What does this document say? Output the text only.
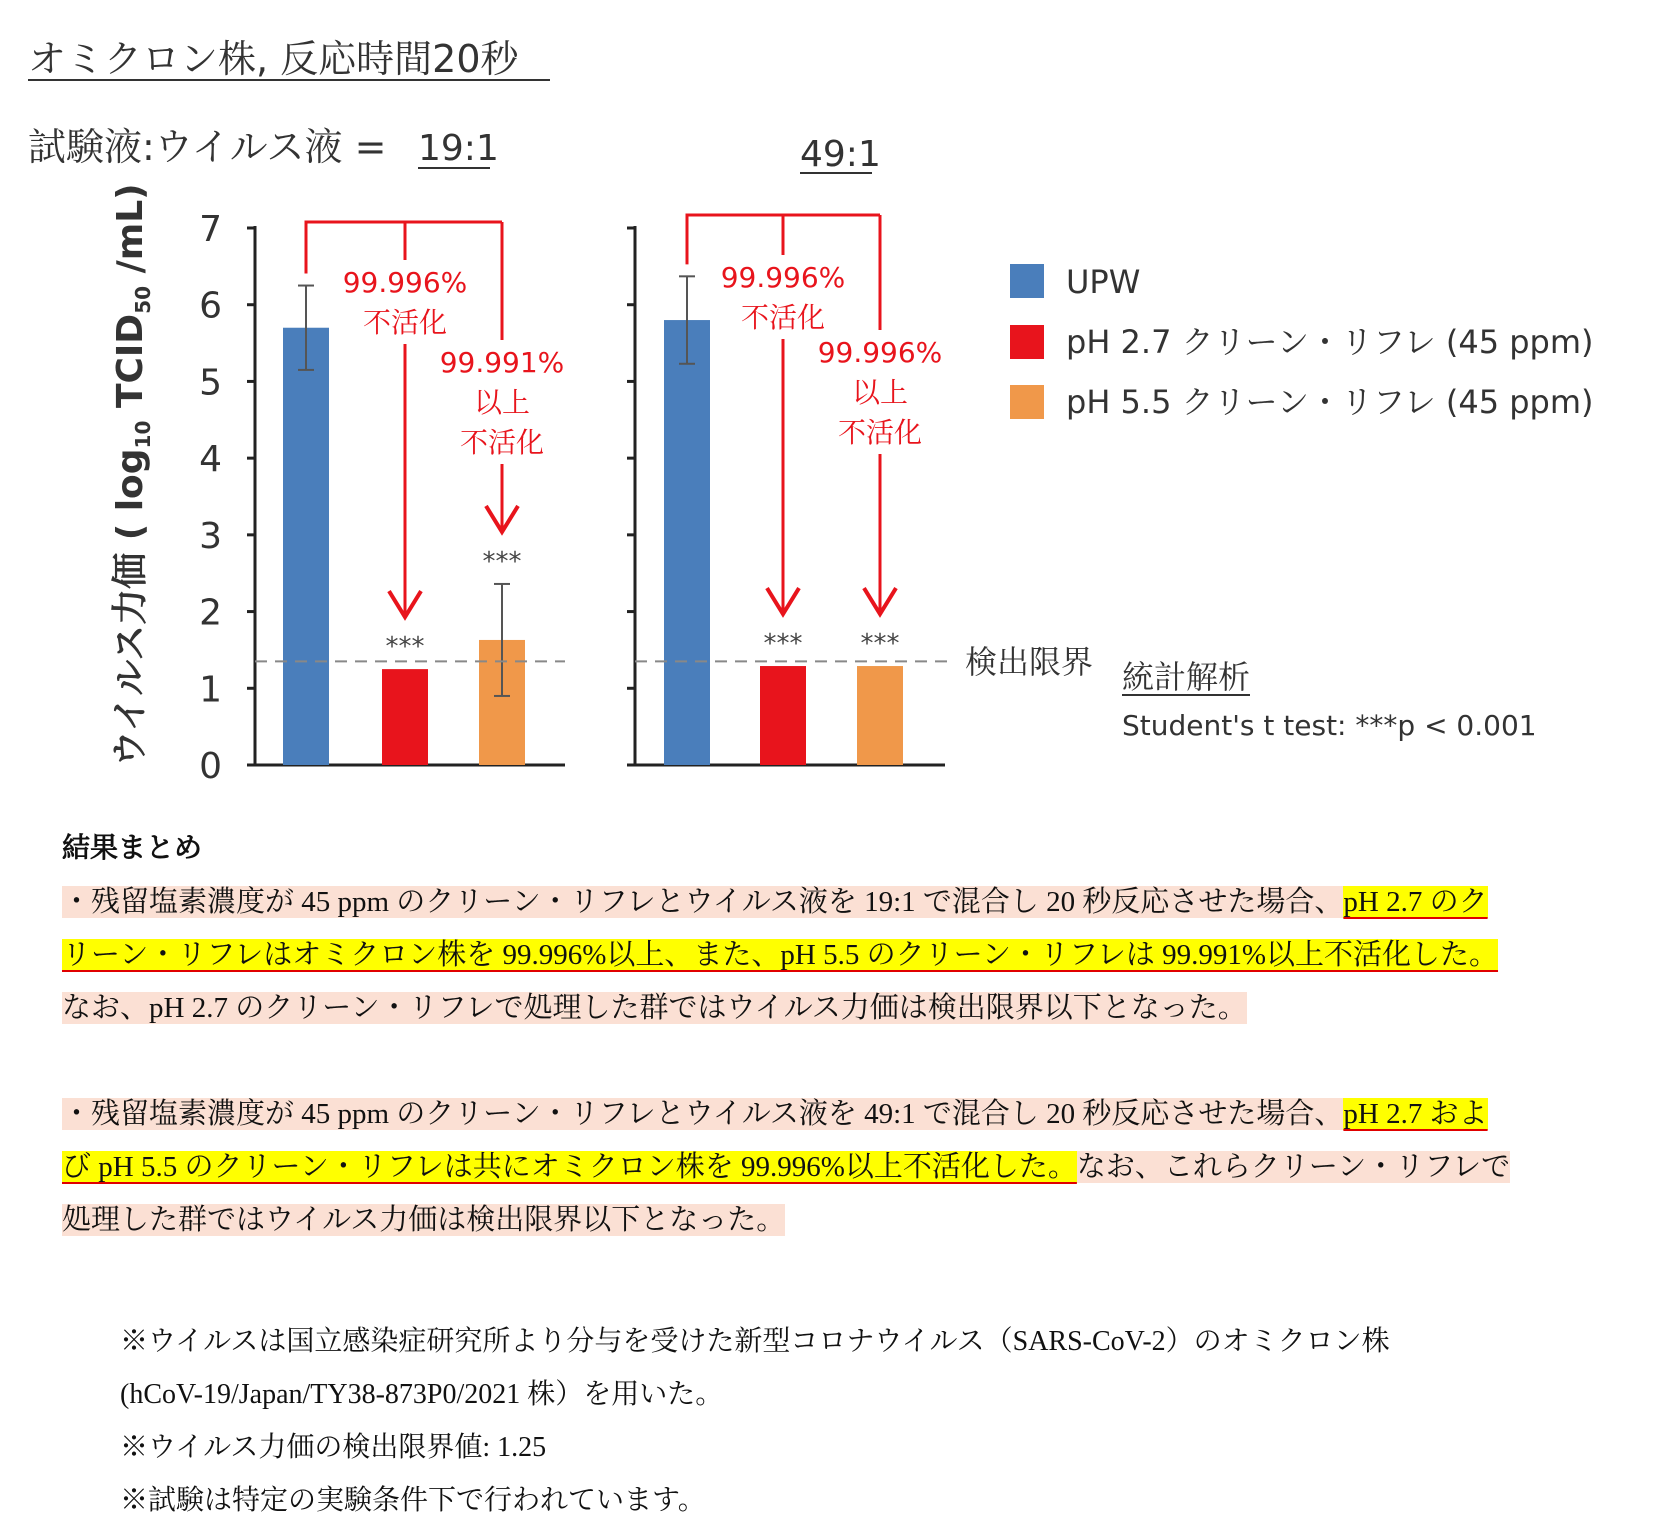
オミクロン株, 反応時間20秒
試験液:ウイルス液 = 19:1	49:1
ウイルス力価 ( $\log_{10}$ $TCID_{50}$ /mL)
0
1
2
3
4
5
6
7
***
***
99.996%
不活化
99.991%
以上
不活化
*** ***
99.996%
不活化
99.996%
以上
不活化
検出限界
UPW
pH 2.7 クリーン・リフレ (45 ppm)
pH 5.5 クリーン・リフレ (45 ppm)
統計解析
Student's t test: ***p < 0.001
結果まとめ
・残留塩素濃度が 45 ppm のクリーン・リフレとウイルス液を 19:1 で混合し 20 秒反応させた場合、pH 2.7 のク
リーン・リフレはオミクロン株を 99.996%以上、また、pH 5.5 のクリーン・リフレは 99.991%以上不活化した。
なお、pH 2.7 のクリーン・リフレで処理した群ではウイルス力価は検出限界以下となった。
・残留塩素濃度が 45 ppm のクリーン・リフレとウイルス液を 49:1 で混合し 20 秒反応させた場合、pH 2.7 およ
び pH 5.5 のクリーン・リフレは共にオミクロン株を 99.996%以上不活化した。なお、これらクリーン・リフレで
処理した群ではウイルス力価は検出限界以下となった。
※ウイルスは国立感染症研究所より分与を受けた新型コロナウイルス（SARS-CoV-2）のオミクロン株
(hCoV-19/Japan/TY38-873P0/2021 株）を用いた。
※ウイルス力価の検出限界値: 1.25
※試験は特定の実験条件下で行われています。
